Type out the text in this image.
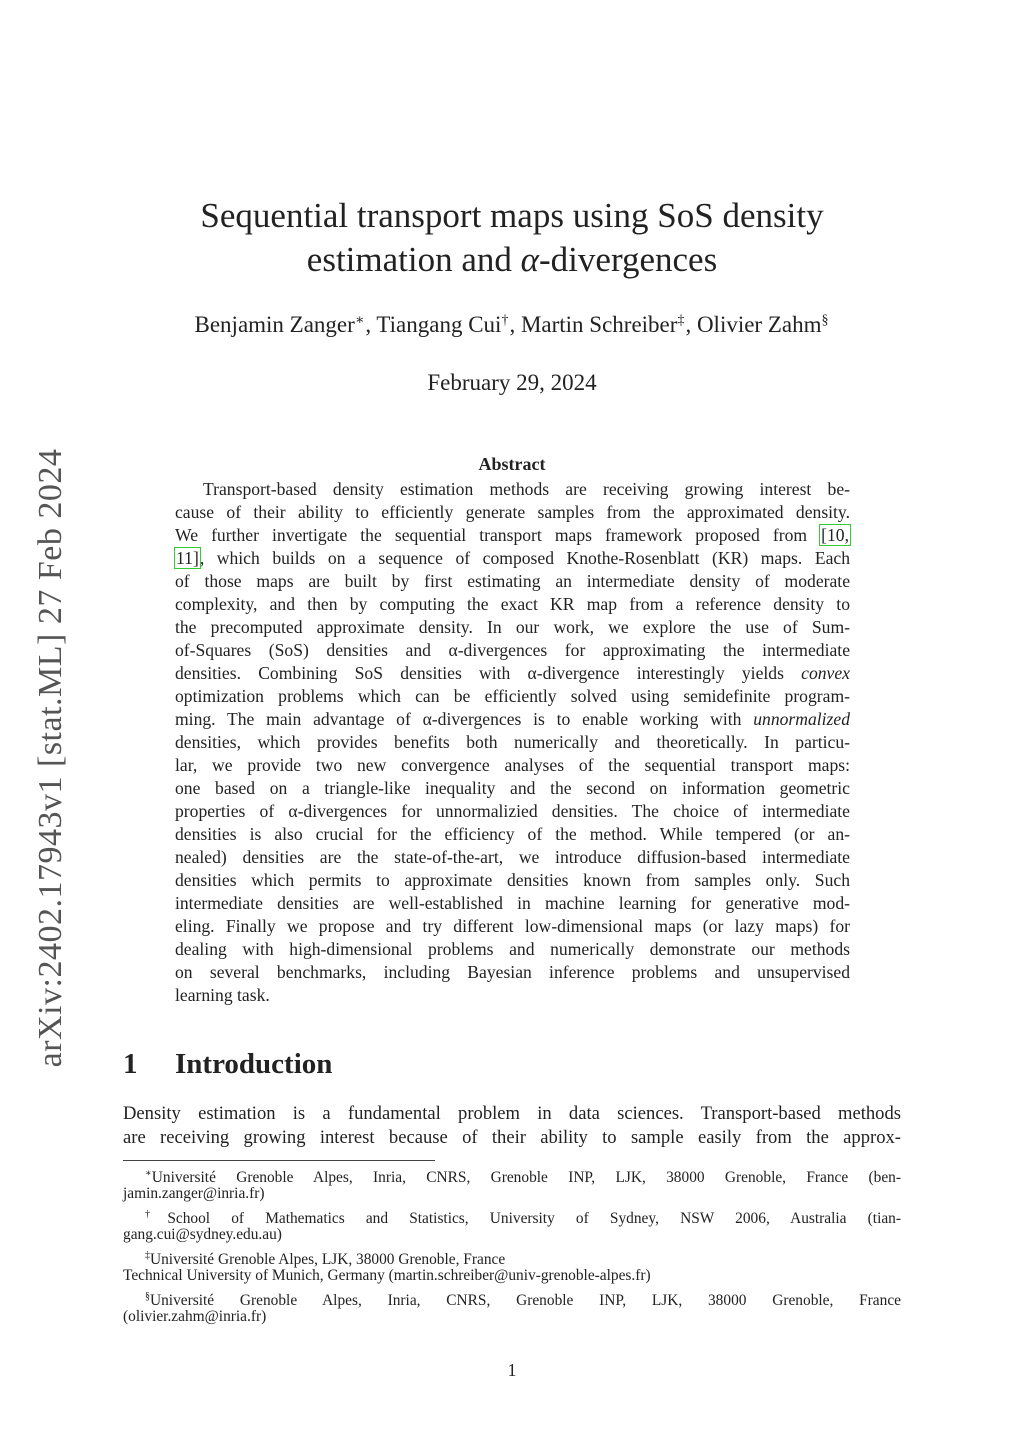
arXiv:2402.17943v1 [stat.ML] 27 Feb 2024
Sequential transport maps using SoS density
estimation and α-divergences
Benjamin Zanger∗, Tiangang Cui†, Martin Schreiber‡, Olivier Zahm§
February 29, 2024
Abstract
Transport-based density estimation methods are receiving growing interest be-
cause of their ability to efficiently generate samples from the approximated density.
We further invertigate the sequential transport maps framework proposed from [10,
11], which builds on a sequence of composed Knothe-Rosenblatt (KR) maps. Each
of those maps are built by first estimating an intermediate density of moderate
complexity, and then by computing the exact KR map from a reference density to
the precomputed approximate density. In our work, we explore the use of Sum-
of-Squares (SoS) densities and α-divergences for approximating the intermediate
densities. Combining SoS densities with α-divergence interestingly yields convex
optimization problems which can be efficiently solved using semidefinite program-
ming. The main advantage of α-divergences is to enable working with unnormalized
densities, which provides benefits both numerically and theoretically. In particu-
lar, we provide two new convergence analyses of the sequential transport maps:
one based on a triangle-like inequality and the second on information geometric
properties of α-divergences for unnormalizied densities. The choice of intermediate
densities is also crucial for the efficiency of the method. While tempered (or an-
nealed) densities are the state-of-the-art, we introduce diffusion-based intermediate
densities which permits to approximate densities known from samples only. Such
intermediate densities are well-established in machine learning for generative mod-
eling. Finally we propose and try different low-dimensional maps (or lazy maps) for
dealing with high-dimensional problems and numerically demonstrate our methods
on several benchmarks, including Bayesian inference problems and unsupervised
learning task.
1 Introduction
Density estimation is a fundamental problem in data sciences. Transport-based methods
are receiving growing interest because of their ability to sample easily from the approx-
∗Université Grenoble Alpes, Inria, CNRS, Grenoble INP, LJK, 38000 Grenoble, France (ben-
jamin.zanger@inria.fr)
†School of Mathematics and Statistics, University of Sydney, NSW 2006, Australia (tian-
gang.cui@sydney.edu.au)
‡Université Grenoble Alpes, LJK, 38000 Grenoble, France
Technical University of Munich, Germany (martin.schreiber@univ-grenoble-alpes.fr)
§Université Grenoble Alpes, Inria, CNRS, Grenoble INP, LJK, 38000 Grenoble, France
(olivier.zahm@inria.fr)
1
